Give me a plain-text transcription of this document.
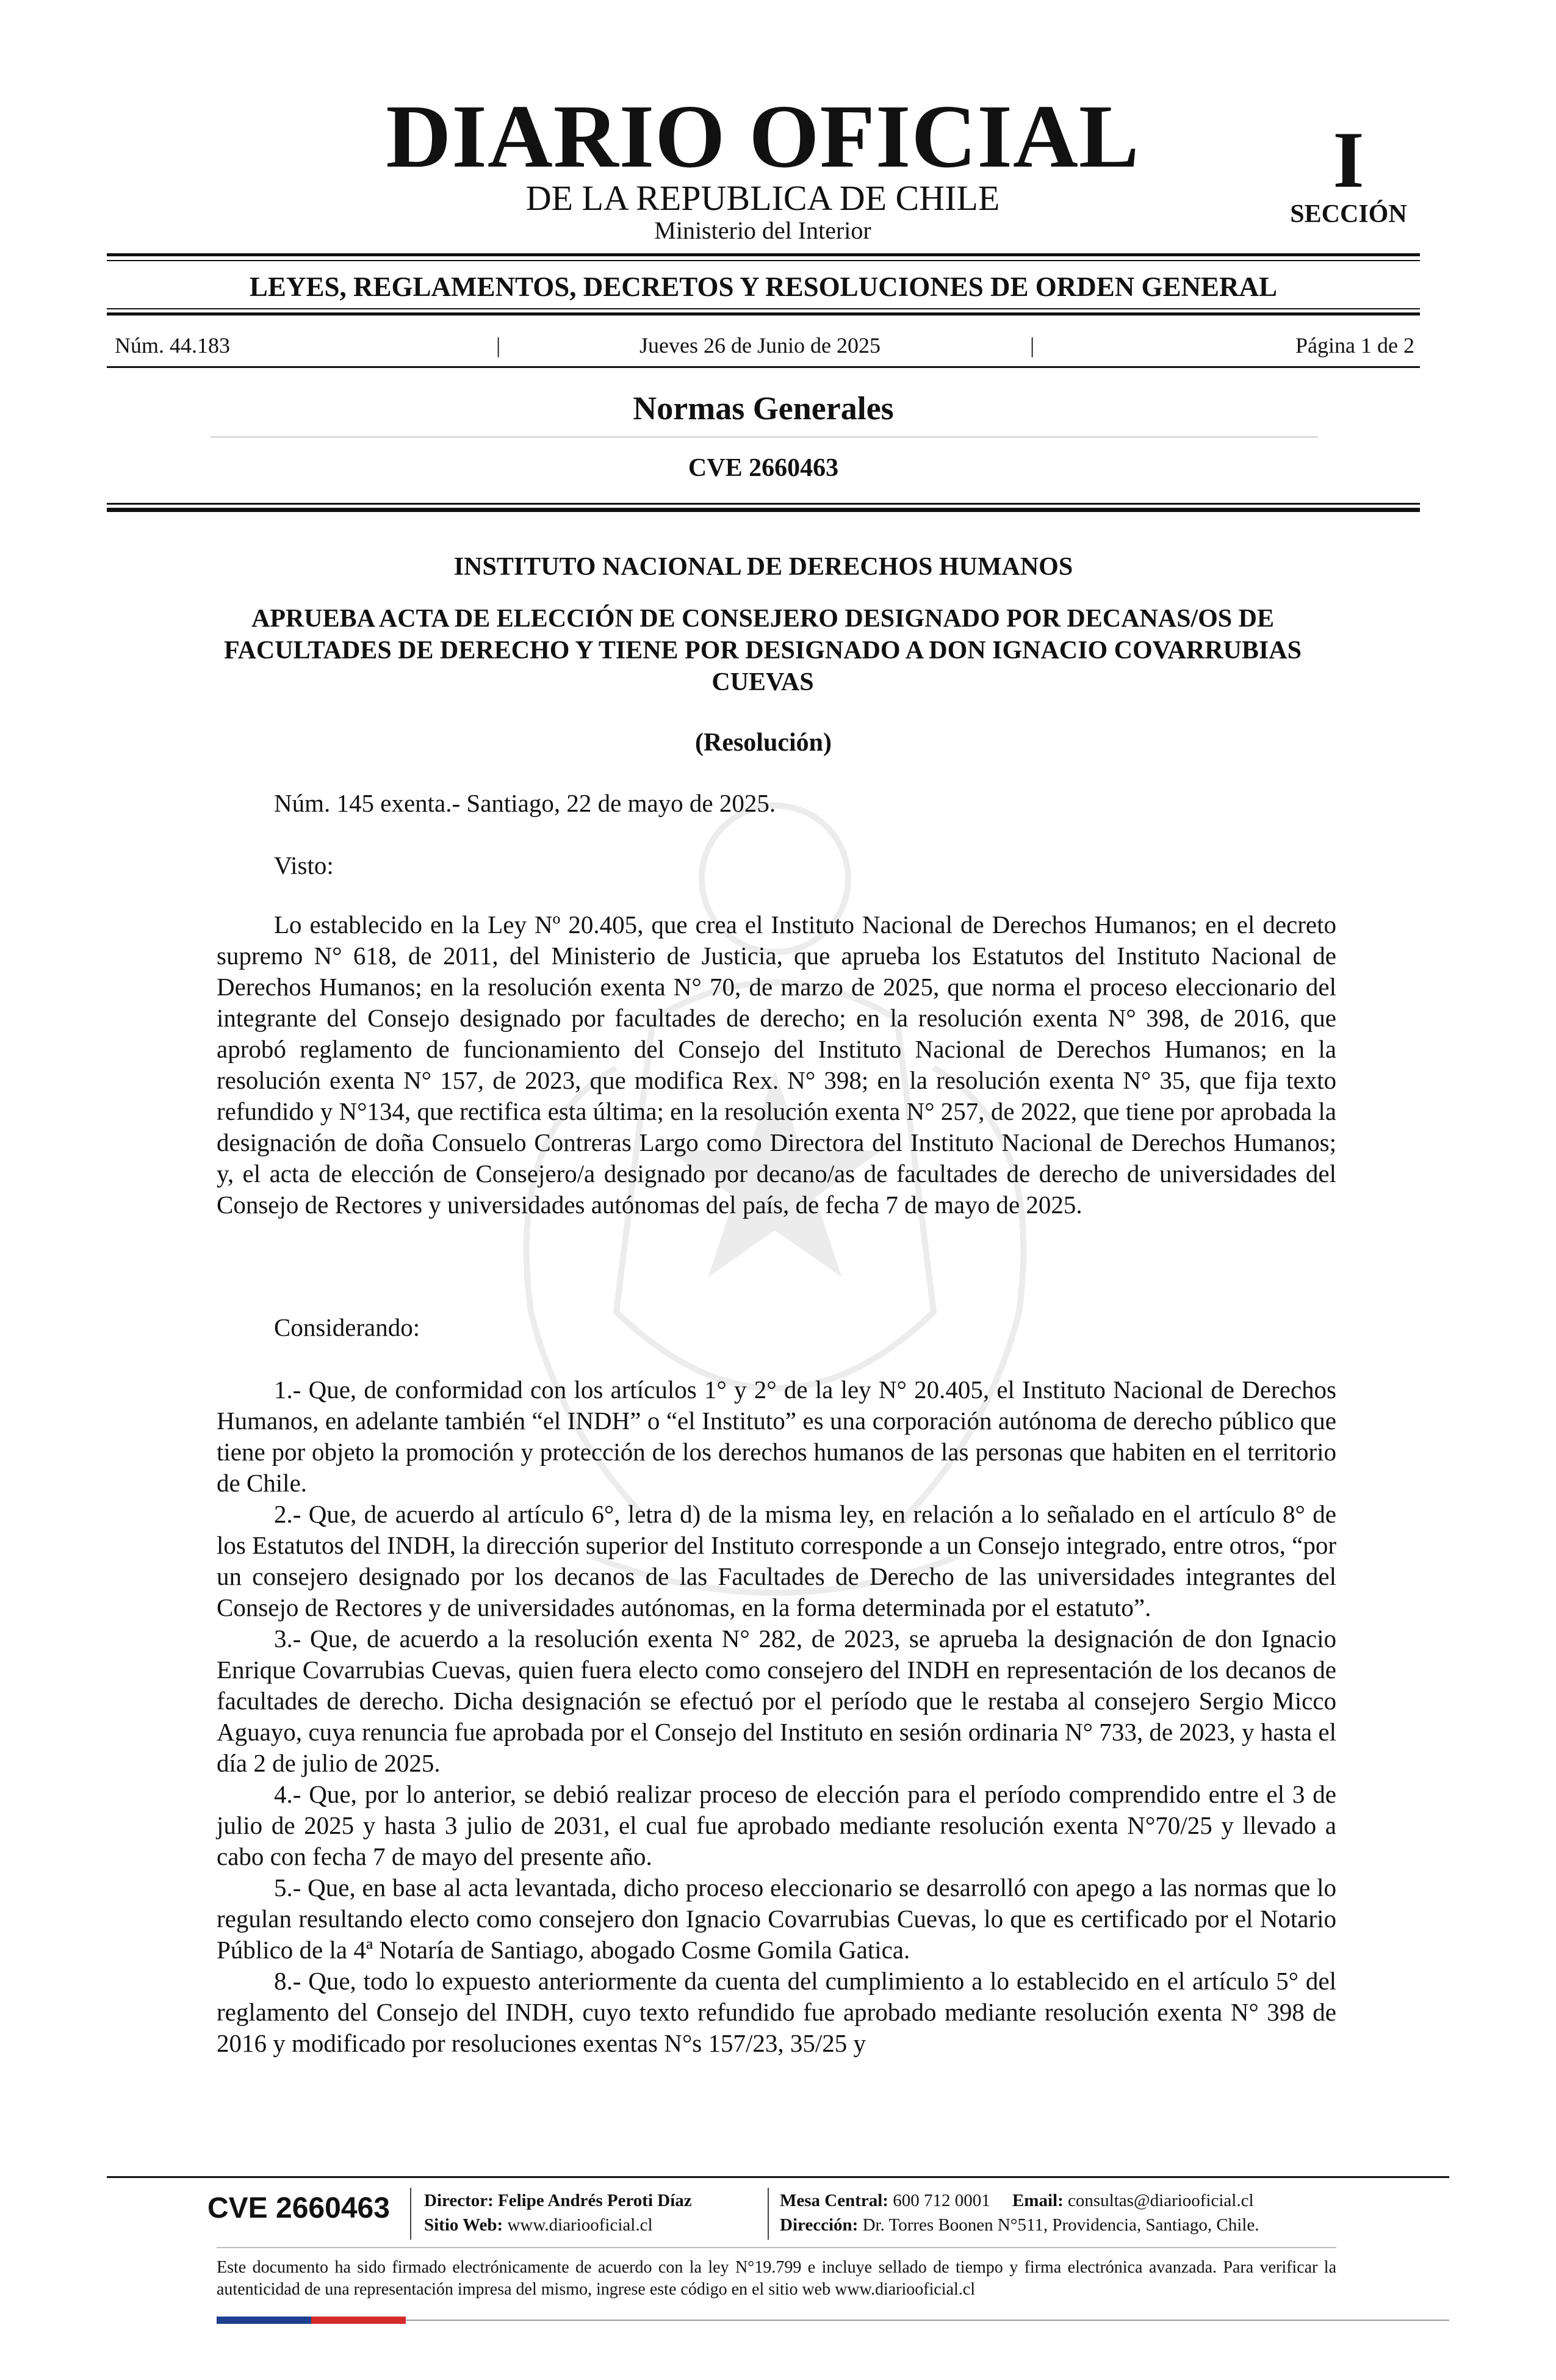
DIARIO OFICIAL
DE LA REPUBLICA DE CHILE
Ministerio del Interior
I
SECCIÓN
LEYES, REGLAMENTOS, DECRETOS Y RESOLUCIONES DE ORDEN GENERAL
Núm. 44.183	|	Jueves 26 de Junio de 2025	|	Página 1 de 2
Normas Generales
CVE 2660463
INSTITUTO NACIONAL DE DERECHOS HUMANOS
APRUEBA ACTA DE ELECCIÓN DE CONSEJERO DESIGNADO POR DECANAS/OS DE FACULTADES DE DERECHO Y TIENE POR DESIGNADO A DON IGNACIO COVARRUBIAS CUEVAS
(Resolución)
Núm. 145 exenta.- Santiago, 22 de mayo de 2025.
Visto:

Lo establecido en la Ley Nº 20.405, que crea el Instituto Nacional de Derechos Humanos; en el decreto supremo N° 618, de 2011, del Ministerio de Justicia, que aprueba los Estatutos del Instituto Nacional de Derechos Humanos; en la resolución exenta N° 70, de marzo de 2025, que norma el proceso eleccionario del integrante del Consejo designado por facultades de derecho; en la resolución exenta N° 398, de 2016, que aprobó reglamento de funcionamiento del Consejo del Instituto Nacional de Derechos Humanos; en la resolución exenta N° 157, de 2023, que modifica Rex. N° 398; en la resolución exenta N° 35, que fija texto refundido y N°134, que rectifica esta última; en la resolución exenta N° 257, de 2022, que tiene por aprobada la designación de doña Consuelo Contreras Largo como Directora del Instituto Nacional de Derechos Humanos; y, el acta de elección de Consejero/a designado por decano/as de facultades de derecho de universidades del Consejo de Rectores y universidades autónomas del país, de fecha 7 de mayo de 2025.

Considerando:

1.- Que, de conformidad con los artículos 1° y 2° de la ley N° 20.405, el Instituto Nacional de Derechos Humanos, en adelante también “el INDH” o “el Instituto” es una corporación autónoma de derecho público que tiene por objeto la promoción y protección de los derechos humanos de las personas que habiten en el territorio de Chile.

2.- Que, de acuerdo al artículo 6°, letra d) de la misma ley, en relación a lo señalado en el artículo 8° de los Estatutos del INDH, la dirección superior del Instituto corresponde a un Consejo integrado, entre otros, “por un consejero designado por los decanos de las Facultades de Derecho de las universidades integrantes del Consejo de Rectores y de universidades autónomas, en la forma determinada por el estatuto”.

3.- Que, de acuerdo a la resolución exenta N° 282, de 2023, se aprueba la designación de don Ignacio Enrique Covarrubias Cuevas, quien fuera electo como consejero del INDH en representación de los decanos de facultades de derecho. Dicha designación se efectuó por el período que le restaba al consejero Sergio Micco Aguayo, cuya renuncia fue aprobada por el Consejo del Instituto en sesión ordinaria N° 733, de 2023, y hasta el día 2 de julio de 2025.

4.- Que, por lo anterior, se debió realizar proceso de elección para el período comprendido entre el 3 de julio de 2025 y hasta 3 julio de 2031, el cual fue aprobado mediante resolución exenta N°70/25 y llevado a cabo con fecha 7 de mayo del presente año.

5.- Que, en base al acta levantada, dicho proceso eleccionario se desarrolló con apego a las normas que lo regulan resultando electo como consejero don Ignacio Covarrubias Cuevas, lo que es certificado por el Notario Público de la 4ª Notaría de Santiago, abogado Cosme Gomila Gatica.

8.- Que, todo lo expuesto anteriormente da cuenta del cumplimiento a lo establecido en el artículo 5° del reglamento del Consejo del INDH, cuyo texto refundido fue aprobado mediante resolución exenta N° 398 de 2016 y modificado por resoluciones exentas N°s 157/23, 35/25 y

CVE 2660463	Director: Felipe Andrés Peroti Díaz
Sitio Web: www.diariooficial.cl
Mesa Central: 600 712 0001 Email: consultas@diariooficial.cl
Dirección: Dr. Torres Boonen N°511, Providencia, Santiago, Chile.
Este documento ha sido firmado electrónicamente de acuerdo con la ley N°19.799 e incluye sellado de tiempo y firma electrónica avanzada. Para verificar la autenticidad de una representación impresa del mismo, ingrese este código en el sitio web www.diariooficial.cl
